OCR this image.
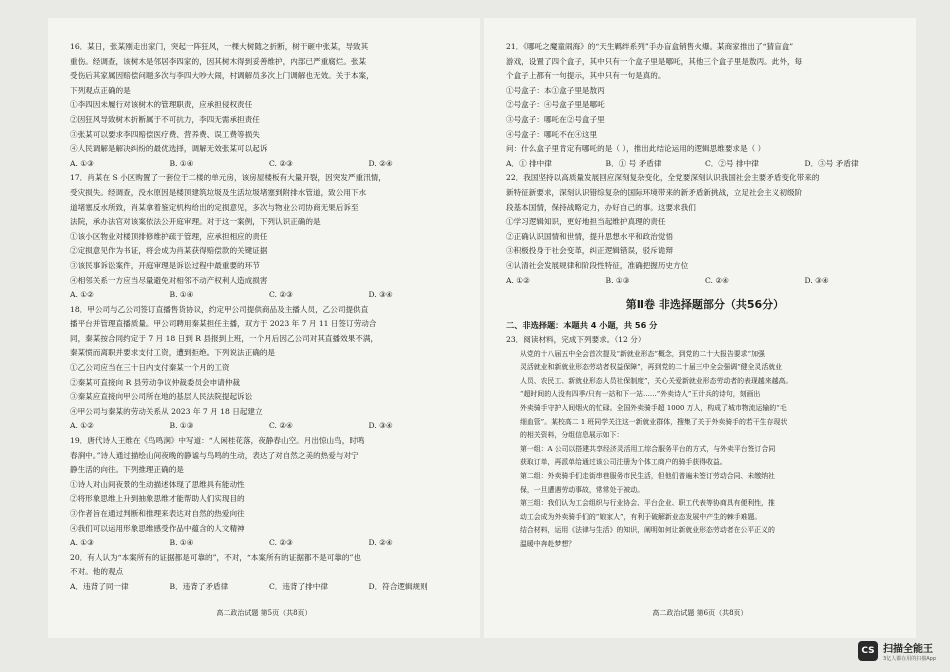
16．某日，张某刚走出家门，突起一阵狂风，一棵大树随之折断，树干砸中张某，导致其
重伤。经调查，该树木是邻居李四家的，因其树木得到妥善维护，内部已严重腐烂。张某
受伤后其家属因赔偿问题多次与李四大吵大闹，村调解员多次上门调解也无效。关于本案，
下列观点正确的是
①李四因未履行对该树木的管理职责，应承担侵权责任
②因狂风导致树木折断属于不可抗力，李四无需承担责任
③张某可以要求李四赔偿医疗费、营养费、误工费等损失
④人民调解是解决纠纷的最优选择，调解无效张某可以起诉
A. ①③	B. ①④	C. ②③	D. ②④
17．肖某在 S 小区购置了一套位于二楼的单元房，该房屋楼板有大量开裂，因突发严重汛情，
受灾损失。经调查，没水原因是楼顶建筑垃圾及生活垃圾堵塞到附排水管道，致公用下水
道堵塞反水所致，肖某拿着鉴定机构给出的定损意见，多次与物业公司协商无果后诉至
法院，承办法官对该案依法公开庭审理。对于这一案例，下列认识正确的是
①该小区物业对楼顶排修维护疏于管理，应承担相应的责任
②定损意见作为书证，将会成为肖某获得赔偿款的关键证据
③该民事诉讼案件，开庭审理是诉讼过程中最重要的环节
④相邻关系一方应当尽量避免对相邻不动产权利人造成损害
A. ①②	B. ①④	C. ②③	D. ③④
18．甲公司与乙公司签订直播售货协议，约定甲公司提供商品及主播人员，乙公司提供直
播平台并管理直播质量。甲公司聘用秦某担任主播，双方于 2023 年 7 月 11 日签订劳动合
同，秦某按合同约定于 7 月 18 日到 R 县报到上班，一个月后因乙公司对其直播效果不满，
秦某愤而离职并要求支付工资，遭到拒绝。下列说法正确的是
①乙公司应当在三十日内支付秦某一个月的工资
②秦某可直接向 R 县劳动争议仲裁委员会申请仲裁
③秦某应直接向甲公司所在地的基层人民法院提起诉讼
④甲公司与秦某的劳动关系从 2023 年 7 月 18 日起建立
A. ①②	B. ①③	C. ②④	D. ③④
19．唐代诗人王维在《鸟鸣涧》中写道：“人闲桂花落，夜静春山空。月出惊山鸟，时鸣
春涧中。”诗人通过描绘山间夜晚的静谧与鸟鸣的生动，表达了对自然之美的热爱与对宁
静生活的向往。下列推理正确的是
①诗人对山间夜景的生动描述体现了思维具有能动性
②将形象思维上升到抽象思维才能帮助人们实现目的
③作者旨在通过判断和推理来表达对自然的热爱向往
④我们可以运用形象思维感受作品中蕴含的人文精神
A. ①③	B. ①④	C. ②③	D. ②④
20．有人认为“本案所有的证据都是可靠的”，不对，“本案所有的证据都不是可靠的”也
不对。他的观点
A．违背了同一律	B．违背了矛盾律	C．违背了排中律	D．符合逻辑规则
高二政治试题 第5页（共8页）
21．《哪吒之魔童闹海》的“天生羁绊系列”手办盲盒销售火爆。某商家推出了“猜盲盒”
游戏，设置了四个盒子，其中只有一个盒子里是哪吒，其他三个盒子里是敖丙。此外，每
个盒子上都有一句提示，其中只有一句是真的。
①号盒子：本①盒子里是敖丙
②号盒子：④号盒子里是哪吒
③号盒子：哪吒在②号盒子里
④号盒子：哪吒不在④这里
问：什么盒子里肯定有哪吒的是（ ），推出此结论运用的逻辑思维要求是（ ）
A．① 排中律	B．① 号 矛盾律	C．②号 排中律	D．③号 矛盾律
22．我国坚持以高质量发展回应深刻复杂变化，全党要深刻认识我国社会主要矛盾变化带来的
新特征新要求，深刻认识错综复杂的国际环境带来的新矛盾新挑战，立足社会主义初级阶
段基本国情，保持战略定力，办好自己的事。这要求我们
①学习逻辑知识，更好地担当起维护真理的责任
②正确认识国情和世情，提升思想水平和政治觉悟
③积极投身于社会变革，纠正逻辑错误，驳斥诡辩
④认清社会发展规律和阶段性特征，准确把握历史方位
A. ①②	B. ①③	C. ②④	D. ③④
第Ⅱ卷 非选择题部分（共56分）
二、非选择题：本题共 4 小题，共 56 分
23．阅读材料，完成下列要求。（12 分）
从党的十八届五中全会首次提及“新就业形态”概念，到党的二十大报告要求“加强
灵活就业和新就业形态劳动者权益保障”，再到党的二十届三中全会强调“健全灵活就业
人员、农民工、新就业形态人员社保制度”，关心关爱新就业形态劳动者的表现越来越高。
“超时间的人没有四季/只有一站和下一站……”外卖诗人”王计兵的诗句，刻画出
外卖骑手守护人间烟火的忙碌。全国外卖骑手超 1000 万人，构成了城市物流运输的“毛
细血管”。某校高二 1 班同学关注这一新就业群体，搜集了关于外卖骑手的若干生存现状
的相关资料，分组信息展示如下：
第一组：A 公司以搭建共享经济灵活用工综合服务平台的方式，与外卖平台签订合同
获取订单，再派单给通过该公司注册为个体工商户的骑手获得收益。
第二组：外卖骑手们走街串巷服务市民生活，但他们普遍未签订劳动合同、未缴纳社
保，一旦遭遇劳动事故，常常处于被动。
第三组：我们认为工会组织与行业协会、平台企业、职工代表等协商具有便利性，推
动工会成为外卖骑手们的“娘家人”，有利于破解新业态发展中产生的棘手难题。
结合材料，运用《法律与生活》的知识，阐明如何让新就业形态劳动者在公平正义的
温暖中奔赴梦想？
高二政治试题 第6页（共8页）
CS 扫描全能王
3亿人都在用的扫描App
